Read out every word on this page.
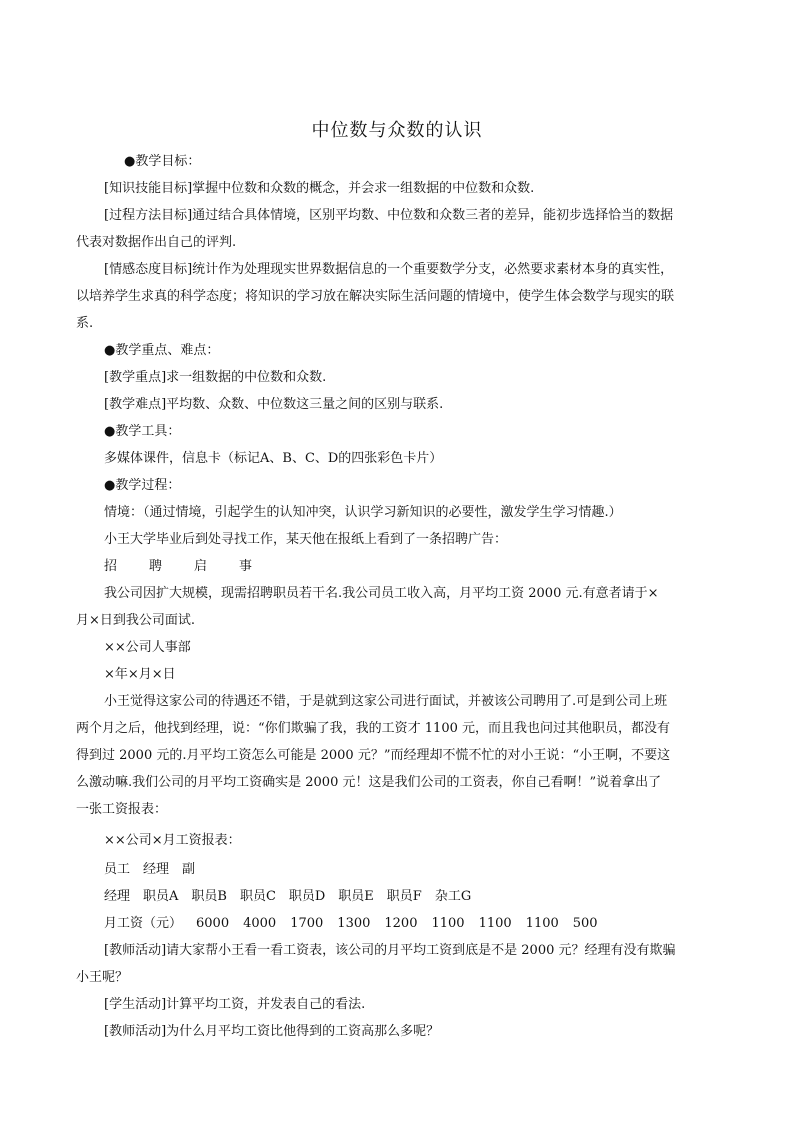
中位数与众数的认识
●教学目标：
[知识技能目标]掌握中位数和众数的概念，并会求一组数据的中位数和众数.
[过程方法目标]通过结合具体情境，区别平均数、中位数和众数三者的差异，能初步选择恰当的数据
代表对数据作出自己的评判.
[情感态度目标]统计作为处理现实世界数据信息的一个重要数学分支，必然要求素材本身的真实性，
以培养学生求真的科学态度；将知识的学习放在解决实际生活问题的情境中，使学生体会数学与现实的联
系.
●教学重点、难点：
[教学重点]求一组数据的中位数和众数.
[教学难点]平均数、众数、中位数这三量之间的区别与联系.
●教学工具：
多媒体课件，信息卡（标记A、B、C、D的四张彩色卡片）
●教学过程：
情境：（通过情境，引起学生的认知冲突，认识学习新知识的必要性，激发学生学习情趣.）
小王大学毕业后到处寻找工作，某天他在报纸上看到了一条招聘广告：
招 聘 启 事
我公司因扩大规模，现需招聘职员若干名.我公司员工收入高，月平均工资 2000 元.有意者请于×
月×日到我公司面试.
××公司人事部
×年×月×日
小王觉得这家公司的待遇还不错，于是就到这家公司进行面试，并被该公司聘用了.可是到公司上班
两个月之后，他找到经理，说：“你们欺骗了我，我的工资才 1100 元，而且我也问过其他职员，都没有
得到过 2000 元的.月平均工资怎么可能是 2000 元？”而经理却不慌不忙的对小王说：“小王啊，不要这
么激动嘛.我们公司的月平均工资确实是 2000 元！这是我们公司的工资表，你自己看啊！”说着拿出了
一张工资报表：
××公司×月工资报表：
员工　经理　副
经理　职员A　职员B　职员C　职员D　职员E　职员F　杂工G
月工资（元） 6000 4000 1700 1300 1200 1100 1100 1100 500
[教师活动]请大家帮小王看一看工资表，该公司的月平均工资到底是不是 2000 元？经理有没有欺骗
小王呢？
[学生活动]计算平均工资，并发表自己的看法.
[教师活动]为什么月平均工资比他得到的工资高那么多呢？
